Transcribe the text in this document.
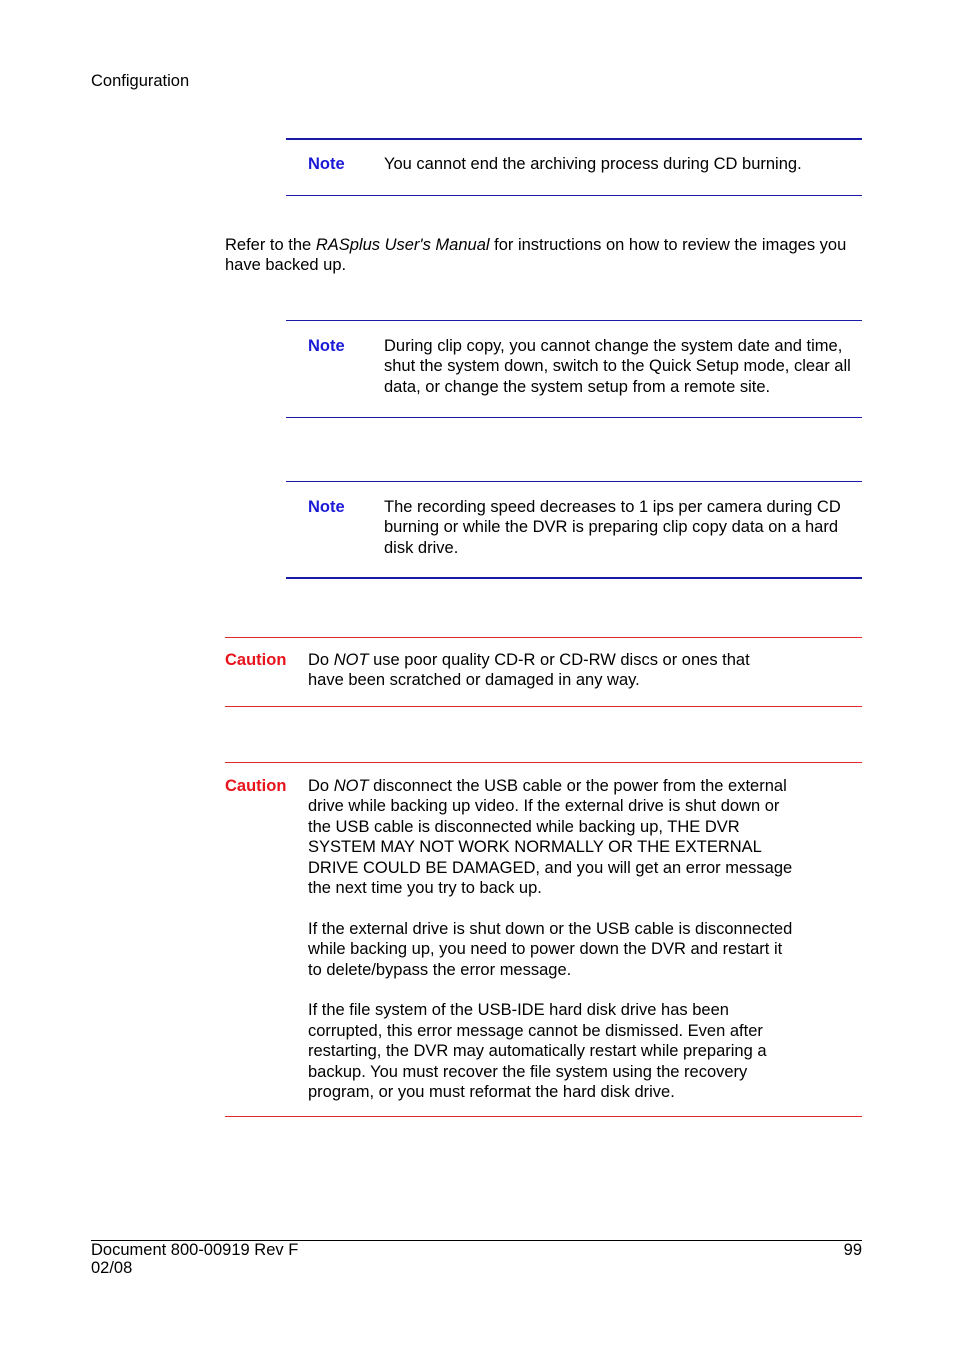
Configuration
Note You cannot end the archiving process during CD burning.
Refer to the RASplus User's Manual for instructions on how to review the images you have backed up.
Note During clip copy, you cannot change the system date and time, shut the system down, switch to the Quick Setup mode, clear all data, or change the system setup from a remote site.
Note The recording speed decreases to 1 ips per camera during CD burning or while the DVR is preparing clip copy data on a hard disk drive.
Caution Do NOT use poor quality CD-R or CD-RW discs or ones that have been scratched or damaged in any way.
Caution Do NOT disconnect the USB cable or the power from the external drive while backing up video. If the external drive is shut down or the USB cable is disconnected while backing up, THE DVR SYSTEM MAY NOT WORK NORMALLY OR THE EXTERNAL DRIVE COULD BE DAMAGED, and you will get an error message the next time you try to back up.

If the external drive is shut down or the USB cable is disconnected while backing up, you need to power down the DVR and restart it to delete/bypass the error message.

If the file system of the USB-IDE hard disk drive has been corrupted, this error message cannot be dismissed. Even after restarting, the DVR may automatically restart while preparing a backup. You must recover the file system using the recovery program, or you must reformat the hard disk drive.

Document 800-00919 Rev F
02/08
99
